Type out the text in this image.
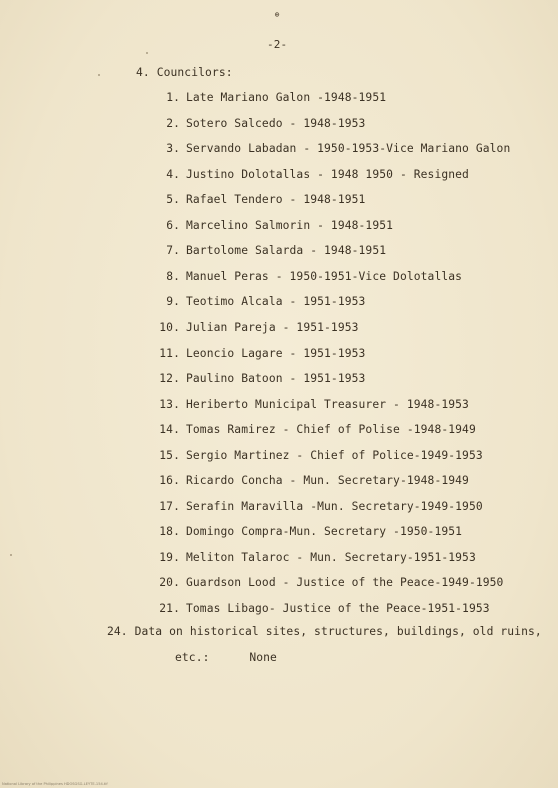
⊕
-2-
4. Councilors:
1. Late Mariano Galon -1948-1951
2. Sotero Salcedo - 1948-1953
3. Servando Labadan - 1950-1953-Vice Mariano Galon
4. Justino Dolotallas - 1948 1950 - Resigned
5. Rafael Tendero - 1948-1951
6. Marcelino Salmorin - 1948-1951
7. Bartolome Salarda - 1948-1951
8. Manuel Peras - 1950-1951-Vice Dolotallas
9. Teotimo Alcala - 1951-1953
10. Julian Pareja - 1951-1953
11. Leoncio Lagare - 1951-1953
12. Paulino Batoon - 1951-1953
13. Heriberto Municipal Treasurer - 1948-1953
14. Tomas Ramirez - Chief of Polise -1948-1949
15. Sergio Martinez - Chief of Police-1949-1953
16. Ricardo Concha - Mun. Secretary-1948-1949
17. Serafin Maravilla -Mun. Secretary-1949-1950
18. Domingo Compra-Mun. Secretary -1950-1951
19. Meliton Talaroc - Mun. Secretary-1951-1953
20. Guardson Lood - Justice of the Peace-1949-1950
21. Tomas Libago- Justice of the Peace-1951-1953
24. Data on historical sites, structures, buildings, old ruins,
etc.:	None
National Library of the Philippines HDOSGSG-LEYTE-154.tif
